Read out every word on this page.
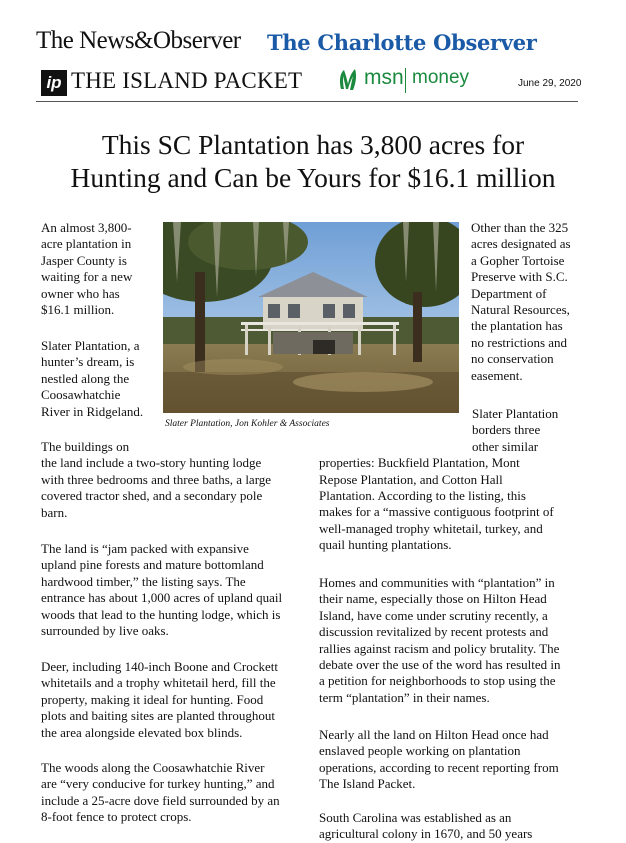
The News&Observer The Charlotte Observer
ip THE ISLAND PACKET	msn money	June 29, 2020
This SC Plantation has 3,800 acres for
Hunting and Can be Yours for $16.1 million
Slater Plantation, Jon Kohler & Associates
An almost 3,800-
acre plantation in
Jasper County is
waiting for a new
owner who has
$16.1 million.
Slater Plantation, a
hunter’s dream, is
nestled along the
Coosawhatchie
River in Ridgeland.
The buildings on
the land include a two-story hunting lodge
with three bedrooms and three baths, a large
covered tractor shed, and a secondary pole
barn.
The land is “jam packed with expansive
upland pine forests and mature bottomland
hardwood timber,” the listing says. The
entrance has about 1,000 acres of upland quail
woods that lead to the hunting lodge, which is
surrounded by live oaks.
Deer, including 140-inch Boone and Crockett
whitetails and a trophy whitetail herd, fill the
property, making it ideal for hunting. Food
plots and baiting sites are planted throughout
the area alongside elevated box blinds.
The woods along the Coosawhatchie River
are “very conducive for turkey hunting,” and
include a 25-acre dove field surrounded by an
8-foot fence to protect crops.
Other than the 325
acres designated as
a Gopher Tortoise
Preserve with S.C.
Department of
Natural Resources,
the plantation has
no restrictions and
no conservation
easement.
Slater Plantation
borders three
other similar
properties: Buckfield Plantation, Mont
Repose Plantation, and Cotton Hall
Plantation. According to the listing, this
makes for a “massive contiguous footprint of
well-managed trophy whitetail, turkey, and
quail hunting plantations.
Homes and communities with “plantation” in
their name, especially those on Hilton Head
Island, have come under scrutiny recently, a
discussion revitalized by recent protests and
rallies against racism and policy brutality. The
debate over the use of the word has resulted in
a petition for neighborhoods to stop using the
term “plantation” in their names.
Nearly all the land on Hilton Head once had
enslaved people working on plantation
operations, according to recent reporting from
The Island Packet.
South Carolina was established as an
agricultural colony in 1670, and 50 years
